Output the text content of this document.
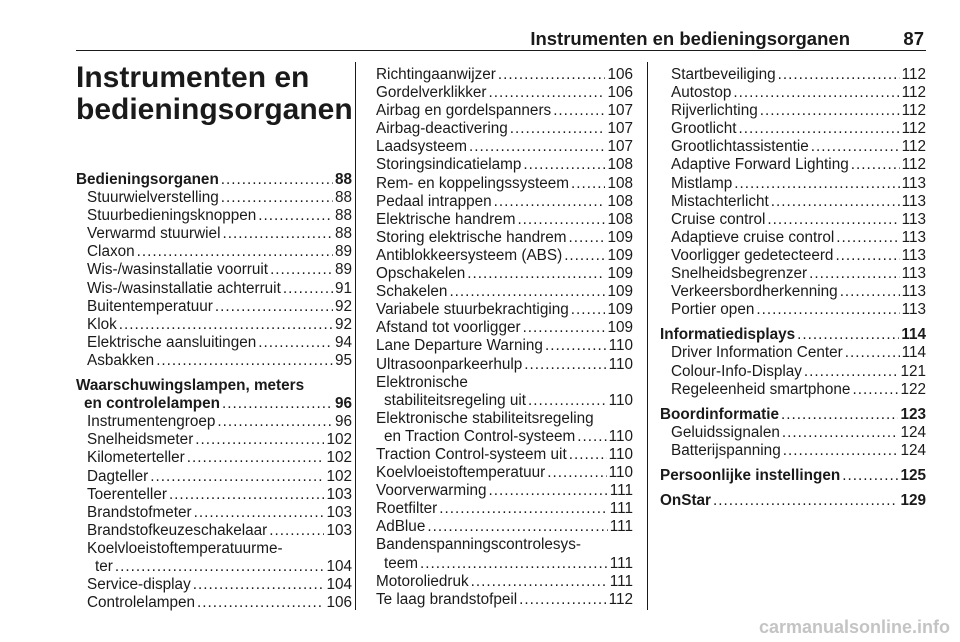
Instrumenten en bedieningsorganen	87
Instrumenten en
bedieningsorganen
Bedieningsorganen .....	88
Stuurwielverstelling .....	88
Stuurbedieningsknoppen .....	88
Verwarmd stuurwiel .....	88
Claxon .....	89
Wis-/wasinstallatie voorruit .....	89
Wis-/wasinstallatie achterruit .....	91
Buitentemperatuur .....	92
Klok .....	92
Elektrische aansluitingen .....	94
Asbakken .....	95
Waarschuwingslampen, meters
en controlelampen .....	96
Instrumentengroep .....	96
Snelheidsmeter .....	102
Kilometerteller .....	102
Dagteller .....	102
Toerenteller .....	103
Brandstofmeter .....	103
Brandstofkeuzeschakelaar .....	103
Koelvloeistoftemperatuurme-
ter .....	104
Service-display .....	104
Controlelampen .....	106
Richtingaanwijzer .....	106
Gordelverklikker .....	106
Airbag en gordelspanners .....	107
Airbag-deactivering .....	107
Laadsysteem .....	107
Storingsindicatielamp .....	108
Rem- en koppelingssysteem .....	108
Pedaal intrappen .....	108
Elektrische handrem .....	108
Storing elektrische handrem .....	109
Antiblokkeersysteem (ABS) .....	109
Opschakelen .....	109
Schakelen .....	109
Variabele stuurbekrachtiging .....	109
Afstand tot voorligger .....	109
Lane Departure Warning .....	110
Ultrasoonparkeerhulp .....	110
Elektronische
stabiliteitsregeling uit .....	110
Elektronische stabiliteitsregeling
en Traction Control-systeem ..... 110
Traction Control-systeem uit .....	110
Koelvloeistoftemperatuur .....	110
Voorverwarming .....	111
Roetfilter .....	111
AdBlue .....	111
Bandenspanningscontrolesys-
teem .....	111
Motoroliedruk .....	111
Te laag brandstofpeil .....	112
Startbeveiliging .....	112
Autostop .....	112
Rijverlichting .....	112
Grootlicht .....	112
Grootlichtassistentie .....	112
Adaptive Forward Lighting .....	112
Mistlamp .....	113
Mistachterlicht .....	113
Cruise control .....	113
Adaptieve cruise control .....	113
Voorligger gedetecteerd .....	113
Snelheidsbegrenzer .....	113
Verkeersbordherkenning .....	113
Portier open .....	113
Informatiedisplays .....	114
Driver Information Center .....	114
Colour-Info-Display .....	121
Regeleenheid smartphone .....	122
Boordinformatie .....	123
Geluidssignalen .....	124
Batterijspanning .....	124
Persoonlijke instellingen .....	125
OnStar .....	129
carmanualsonline.info
